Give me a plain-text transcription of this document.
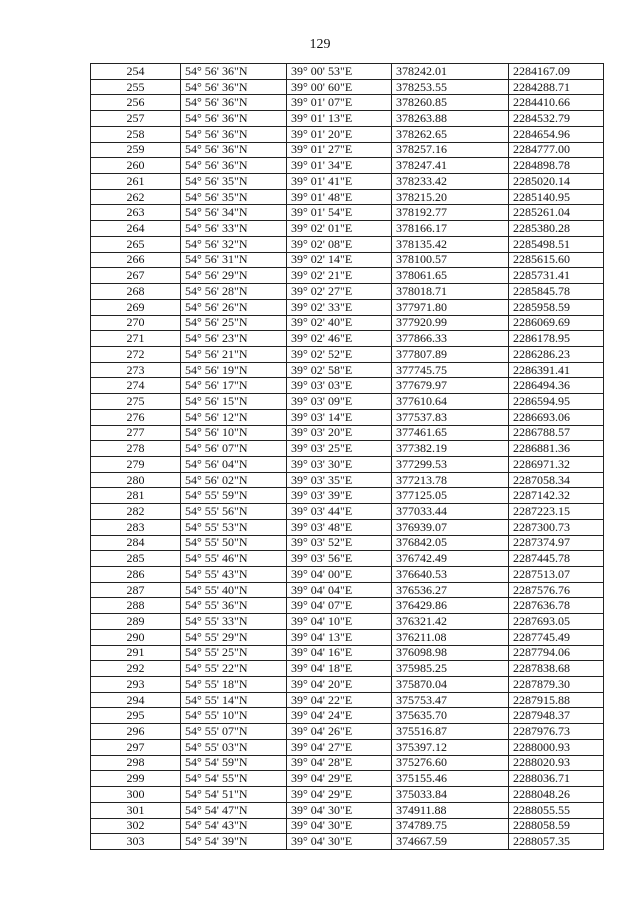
129
254	54° 56' 36"N	39° 00' 53"E	378242.01	2284167.09
255	54° 56' 36"N	39° 00' 60"E	378253.55	2284288.71
256	54° 56' 36"N	39° 01' 07"E	378260.85	2284410.66
257	54° 56' 36"N	39° 01' 13"E	378263.88	2284532.79
258	54° 56' 36"N	39° 01' 20"E	378262.65	2284654.96
259	54° 56' 36"N	39° 01' 27"E	378257.16	2284777.00
260	54° 56' 36"N	39° 01' 34"E	378247.41	2284898.78
261	54° 56' 35"N	39° 01' 41"E	378233.42	2285020.14
262	54° 56' 35"N	39° 01' 48"E	378215.20	2285140.95
263	54° 56' 34"N	39° 01' 54"E	378192.77	2285261.04
264	54° 56' 33"N	39° 02' 01"E	378166.17	2285380.28
265	54° 56' 32"N	39° 02' 08"E	378135.42	2285498.51
266	54° 56' 31"N	39° 02' 14"E	378100.57	2285615.60
267	54° 56' 29"N	39° 02' 21"E	378061.65	2285731.41
268	54° 56' 28"N	39° 02' 27"E	378018.71	2285845.78
269	54° 56' 26"N	39° 02' 33"E	377971.80	2285958.59
270	54° 56' 25"N	39° 02' 40"E	377920.99	2286069.69
271	54° 56' 23"N	39° 02' 46"E	377866.33	2286178.95
272	54° 56' 21"N	39° 02' 52"E	377807.89	2286286.23
273	54° 56' 19"N	39° 02' 58"E	377745.75	2286391.41
274	54° 56' 17"N	39° 03' 03"E	377679.97	2286494.36
275	54° 56' 15"N	39° 03' 09"E	377610.64	2286594.95
276	54° 56' 12"N	39° 03' 14"E	377537.83	2286693.06
277	54° 56' 10"N	39° 03' 20"E	377461.65	2286788.57
278	54° 56' 07"N	39° 03' 25"E	377382.19	2286881.36
279	54° 56' 04"N	39° 03' 30"E	377299.53	2286971.32
280	54° 56' 02"N	39° 03' 35"E	377213.78	2287058.34
281	54° 55' 59"N	39° 03' 39"E	377125.05	2287142.32
282	54° 55' 56"N	39° 03' 44"E	377033.44	2287223.15
283	54° 55' 53"N	39° 03' 48"E	376939.07	2287300.73
284	54° 55' 50"N	39° 03' 52"E	376842.05	2287374.97
285	54° 55' 46"N	39° 03' 56"E	376742.49	2287445.78
286	54° 55' 43"N	39° 04' 00"E	376640.53	2287513.07
287	54° 55' 40"N	39° 04' 04"E	376536.27	2287576.76
288	54° 55' 36"N	39° 04' 07"E	376429.86	2287636.78
289	54° 55' 33"N	39° 04' 10"E	376321.42	2287693.05
290	54° 55' 29"N	39° 04' 13"E	376211.08	2287745.49
291	54° 55' 25"N	39° 04' 16"E	376098.98	2287794.06
292	54° 55' 22"N	39° 04' 18"E	375985.25	2287838.68
293	54° 55' 18"N	39° 04' 20"E	375870.04	2287879.30
294	54° 55' 14"N	39° 04' 22"E	375753.47	2287915.88
295	54° 55' 10"N	39° 04' 24"E	375635.70	2287948.37
296	54° 55' 07"N	39° 04' 26"E	375516.87	2287976.73
297	54° 55' 03"N	39° 04' 27"E	375397.12	2288000.93
298	54° 54' 59"N	39° 04' 28"E	375276.60	2288020.93
299	54° 54' 55"N	39° 04' 29"E	375155.46	2288036.71
300	54° 54' 51"N	39° 04' 29"E	375033.84	2288048.26
301	54° 54' 47"N	39° 04' 30"E	374911.88	2288055.55
302	54° 54' 43"N	39° 04' 30"E	374789.75	2288058.59
303	54° 54' 39"N	39° 04' 30"E	374667.59	2288057.35
